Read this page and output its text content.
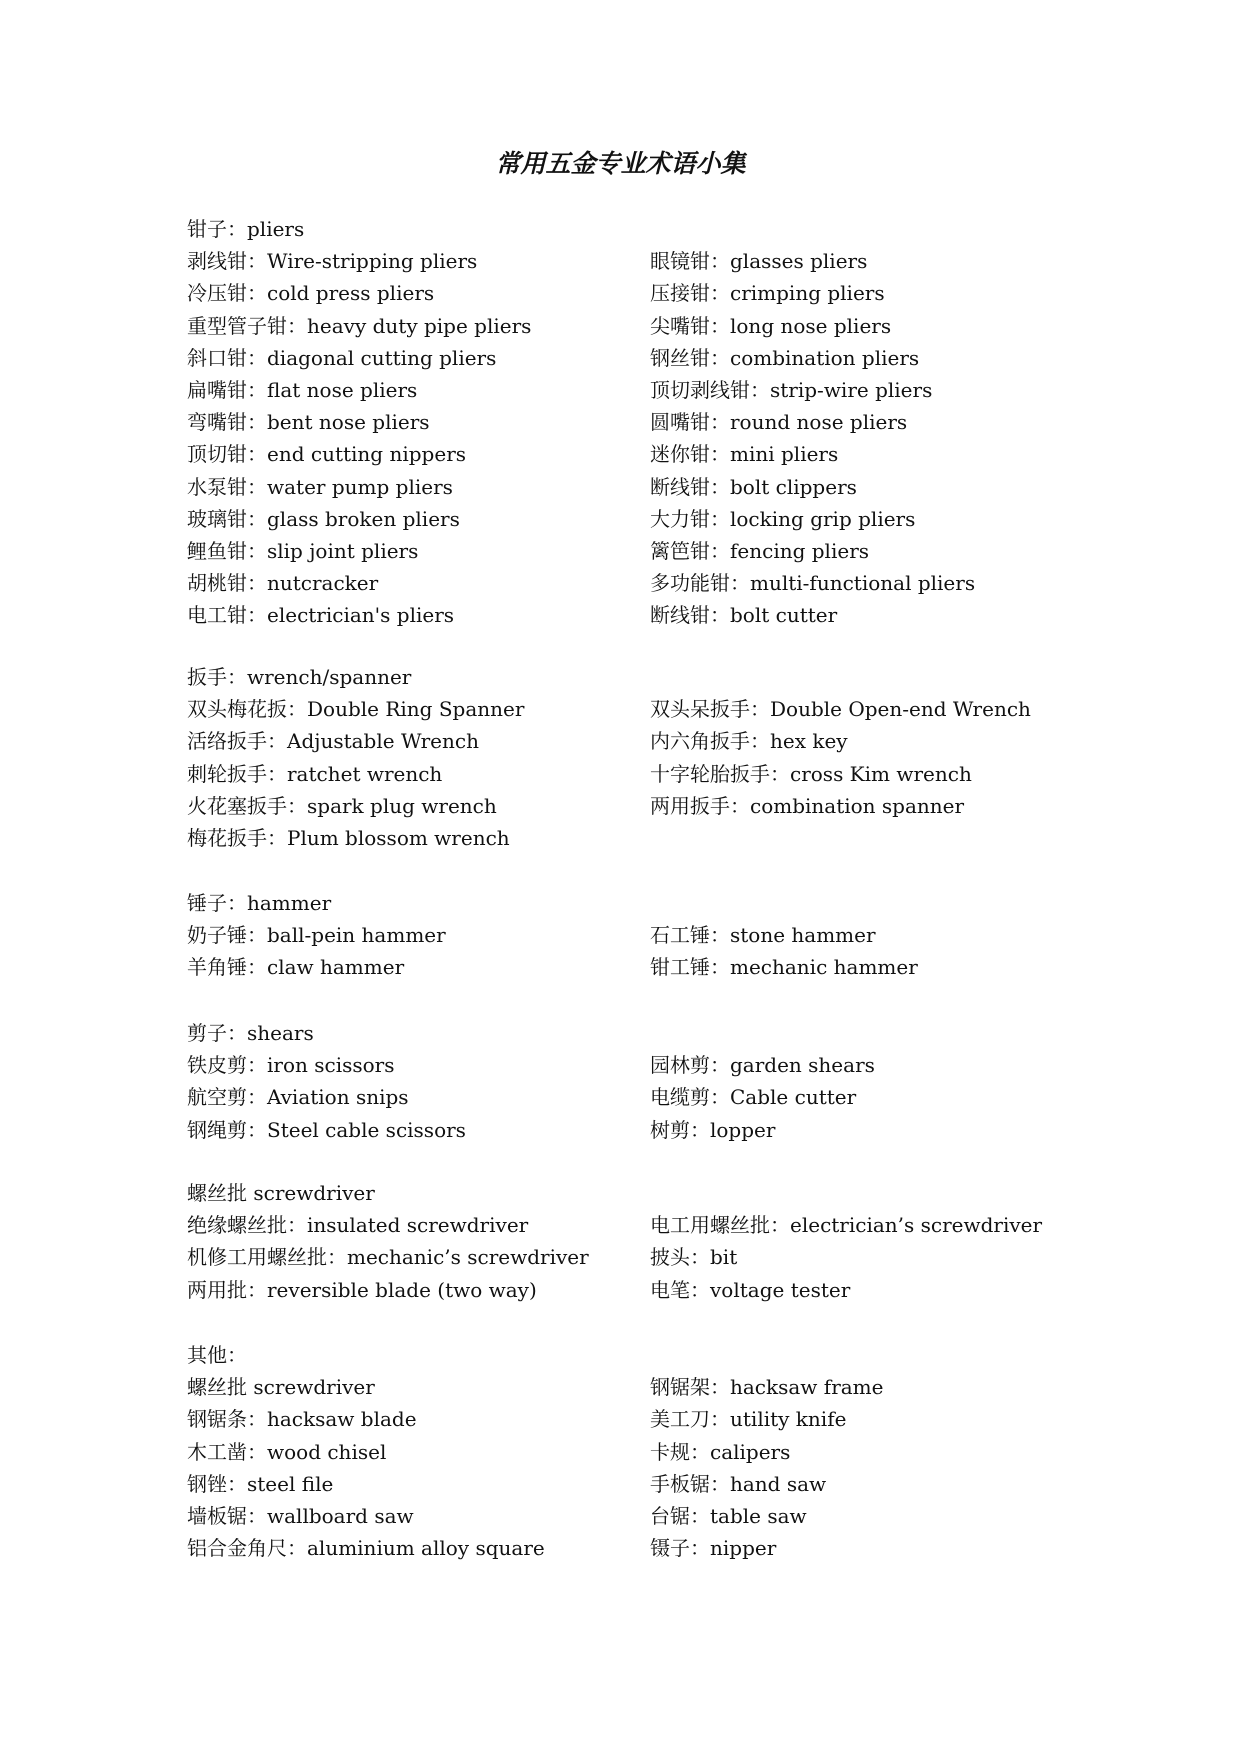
常用五金专业术语小集
钳子：pliers
剥线钳：Wire-stripping pliers	眼镜钳：glasses pliers
冷压钳：cold press pliers	压接钳：crimping pliers
重型管子钳：heavy duty pipe pliers	尖嘴钳：long nose pliers
斜口钳：diagonal cutting pliers	钢丝钳：combination pliers
扁嘴钳：flat nose pliers	顶切剥线钳：strip-wire pliers
弯嘴钳：bent nose pliers	圆嘴钳：round nose pliers
顶切钳：end cutting nippers	迷你钳：mini pliers
水泵钳：water pump pliers	断线钳：bolt clippers
玻璃钳：glass broken pliers	大力钳：locking grip pliers
鲤鱼钳：slip joint pliers	篱笆钳：fencing pliers
胡桃钳：nutcracker	多功能钳：multi-functional pliers
电工钳：electrician's pliers	断线钳：bolt cutter
扳手：wrench/spanner
双头梅花扳：Double Ring Spanner	双头呆扳手：Double Open-end Wrench
活络扳手：Adjustable Wrench	内六角扳手：hex key
刺轮扳手：ratchet wrench	十字轮胎扳手：cross Kim wrench
火花塞扳手：spark plug wrench	两用扳手：combination spanner
梅花扳手：Plum blossom wrench
锤子：hammer
奶子锤：ball-pein hammer	石工锤：stone hammer
羊角锤：claw hammer	钳工锤：mechanic hammer
剪子：shears
铁皮剪：iron scissors	园林剪：garden shears
航空剪：Aviation snips	电缆剪：Cable cutter
钢绳剪：Steel cable scissors	树剪：lopper
螺丝批 screwdriver
绝缘螺丝批：insulated screwdriver	电工用螺丝批：electrician’s screwdriver
机修工用螺丝批：mechanic’s screwdriver	披头：bit
两用批：reversible blade (two way)	电笔：voltage tester
其他：
螺丝批 screwdriver	钢锯架：hacksaw frame
钢锯条：hacksaw blade	美工刀：utility knife
木工凿：wood chisel	卡规：calipers
钢锉：steel file	手板锯：hand saw
墙板锯：wallboard saw	台锯：table saw
铝合金角尺：aluminium alloy square	镊子：nipper
